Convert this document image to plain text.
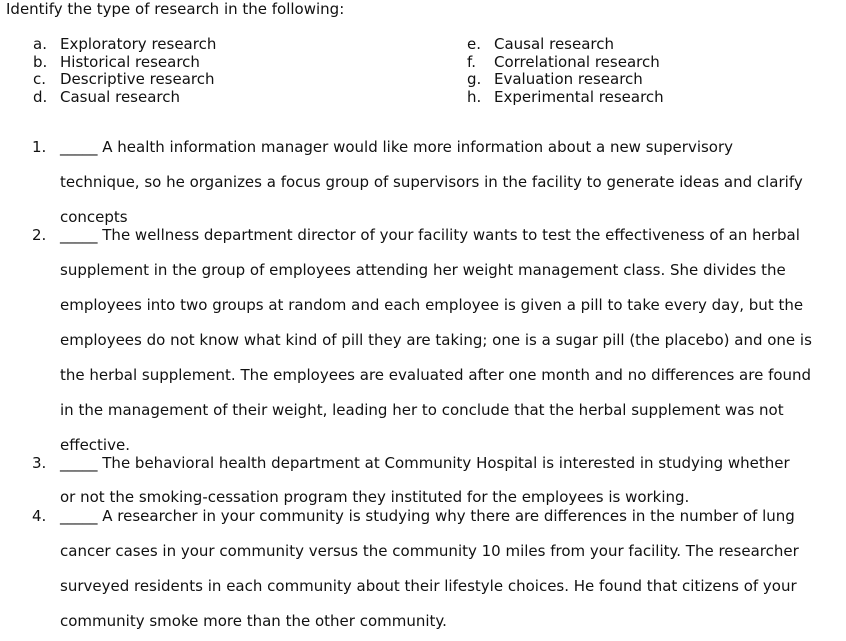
Identify the type of research in the following:
a. Exploratory research
b. Historical research
c. Descriptive research
d. Casual research
e. Causal research
f.	Correlational research
g. Evaluation research
h. Experimental research
1. _____ A health information manager would like more information about a new supervisory
technique, so he organizes a focus group of supervisors in the facility to generate ideas and clarify
concepts
2. _____ The wellness department director of your facility wants to test the effectiveness of an herbal
supplement in the group of employees attending her weight management class. She divides the
employees into two groups at random and each employee is given a pill to take every day, but the
employees do not know what kind of pill they are taking; one is a sugar pill (the placebo) and one is
the herbal supplement. The employees are evaluated after one month and no differences are found
in the management of their weight, leading her to conclude that the herbal supplement was not
effective.
3. _____ The behavioral health department at Community Hospital is interested in studying whether
or not the smoking-cessation program they instituted for the employees is working.
4. _____ A researcher in your community is studying why there are differences in the number of lung
cancer cases in your community versus the community 10 miles from your facility. The researcher
surveyed residents in each community about their lifestyle choices. He found that citizens of your
community smoke more than the other community.
